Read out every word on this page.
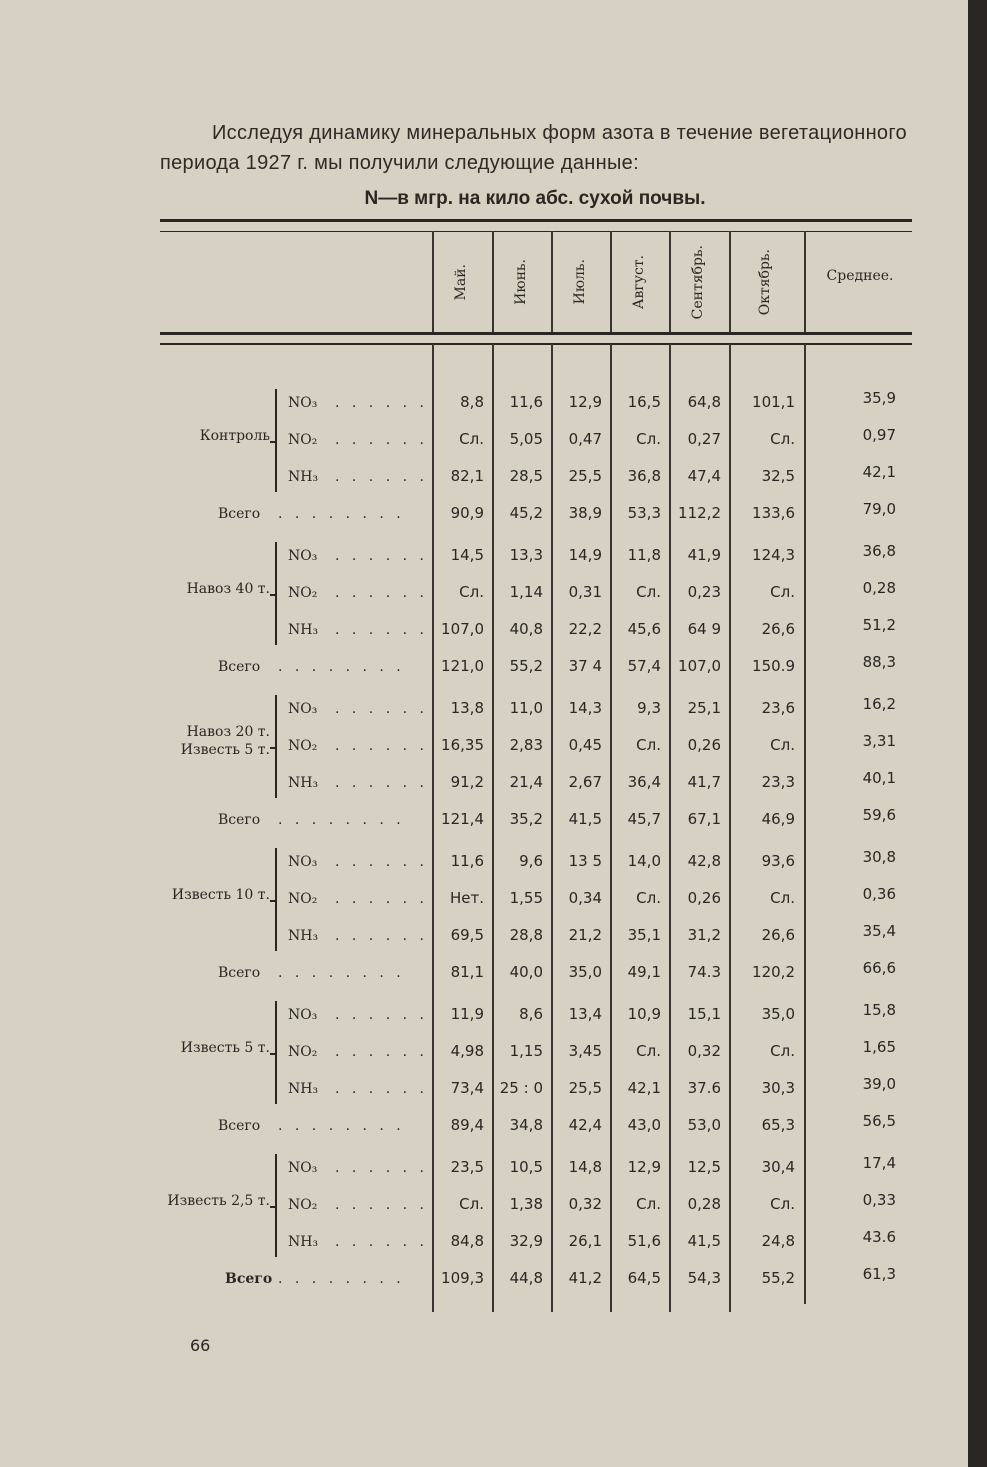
Исследуя динамику минеральных форм азота в течение вегетационного периода 1927 г. мы получили следующие данные:
N—в мгр. на кило абс. сухой почвы.
Май.	Июнь.	Июль.	Август.	Сентябрь.	Октябрь.	Среднее.
NO₃ . . . . . .	8,8	11,6	12,9	16,5	64,8	101,1	35,9
NO₂ . . . . . .	Сл.	5,05	0,47	Сл.	0,27	Сл.	0,97
NH₃ . . . . . .	82,1	28,5	25,5	36,8	47,4	32,5	42,1
Контроль
Всего . . . . . . . .	90,9	45,2	38,9	53,3	112,2	133,6	79,0
NO₃ . . . . . .	14,5	13,3	14,9	11,8	41,9	124,3	36,8
NO₂ . . . . . .	Сл.	1,14	0,31	Сл.	0,23	Сл.	0,28
NH₃ . . . . . . 107,0	40,8	22,2	45,6	64 9	26,6	51,2
Навоз 40 т.
Всего . . . . . . . .	121,0	55,2	37 4	57,4	107,0	150.9	88,3
NO₃ . . . . . .	13,8	11,0	14,3	9,3	25,1	23,6	16,2
NO₂ . . . . . . 16,35	2,83	0,45	Сл.	0,26	Сл.	3,31
NH₃ . . . . . .	91,2	21,4	2,67	36,4	41,7	23,3	40,1
Навоз 20 т.
Известь 5 т.
Всего . . . . . . . .	121,4	35,2	41,5	45,7	67,1	46,9	59,6
NO₃ . . . . . .	11,6	9,6	13 5	14,0	42,8	93,6	30,8
NO₂ . . . . . .	Нет.	1,55	0,34	Сл.	0,26	Сл.	0,36
NH₃ . . . . . .	69,5	28,8	21,2	35,1	31,2	26,6	35,4
Известь 10 т.
Всего . . . . . . . .	81,1	40,0	35,0	49,1	74.3	120,2	66,6
NO₃ . . . . . .	11,9	8,6	13,4	10,9	15,1	35,0	15,8
NO₂ . . . . . .	4,98	1,15	3,45	Сл.	0,32	Сл.	1,65
NH₃ . . . . . .	73,4	25 : 0	25,5	42,1	37.6	30,3	39,0
Известь 5 т.
Всего . . . . . . . .	89,4	34,8	42,4	43,0	53,0	65,3	56,5
NO₃ . . . . . .	23,5	10,5	14,8	12,9	12,5	30,4	17,4
NO₂ . . . . . .	Сл.	1,38	0,32	Сл.	0,28	Сл.	0,33
NH₃ . . . . . .	84,8	32,9	26,1	51,6	41,5	24,8	43.6
Известь 2,5 т.
Всего . . . . . . . .	109,3	44,8	41,2	64,5	54,3	55,2	61,3
66
